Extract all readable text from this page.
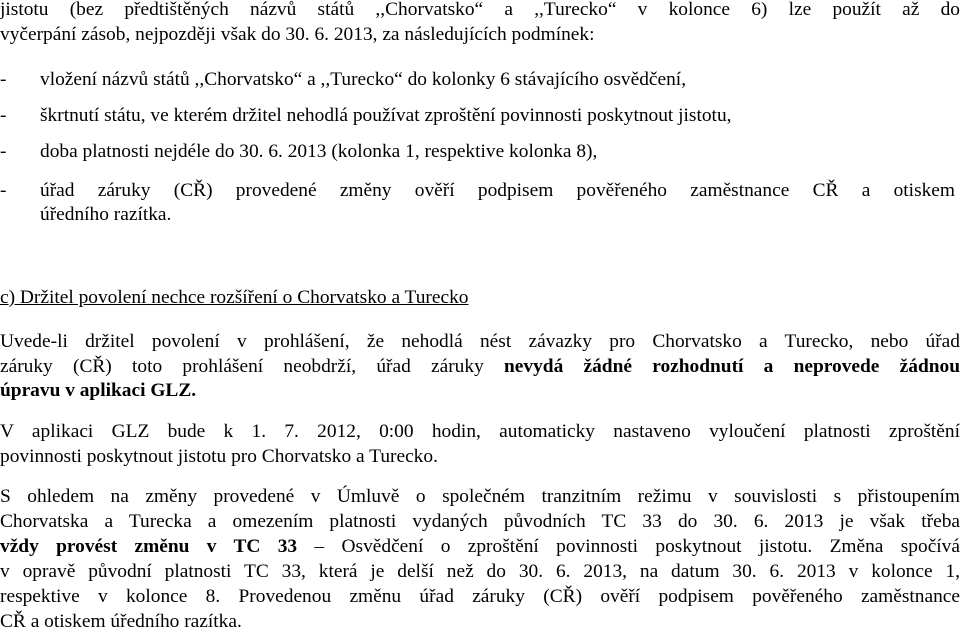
jistotu (bez předtištěných názvů států ,,Chorvatsko“ a ,,Turecko“ v kolonce 6) lze použít až do
vyčerpání zásob, nejpozději však do 30. 6. 2013, za následujících podmínek:
- vložení názvů států ,,Chorvatsko“ a ,,Turecko“ do kolonky 6 stávajícího osvědčení,
- škrtnutí státu, ve kterém držitel nehodlá používat zproštění povinnosti poskytnout jistotu,
- doba platnosti nejdéle do 30. 6. 2013 (kolonka 1, respektive kolonka 8),
- úřad záruky (CŘ) provedené změny ověří podpisem pověřeného zaměstnance CŘ a otiskem
úředního razítka.
c) Držitel povolení nechce rozšíření o Chorvatsko a Turecko
Uvede-li držitel povolení v prohlášení, že nehodlá nést závazky pro Chorvatsko a Turecko, nebo úřad
záruky (CŘ) toto prohlášení neobdrží, úřad záruky nevydá žádné rozhodnutí a neprovede žádnou
úpravu v aplikaci GLZ.
V aplikaci GLZ bude k 1. 7. 2012, 0:00 hodin, automaticky nastaveno vyloučení platnosti zproštění
povinnosti poskytnout jistotu pro Chorvatsko a Turecko.
S ohledem na změny provedené v Úmluvě o společném tranzitním režimu v souvislosti s přistoupením
Chorvatska a Turecka a omezením platnosti vydaných původních TC 33 do 30. 6. 2013 je však třeba
vždy provést změnu v TC 33 – Osvědčení o zproštění povinnosti poskytnout jistotu. Změna spočívá
v opravě původní platnosti TC 33, která je delší než do 30. 6. 2013, na datum 30. 6. 2013 v kolonce 1,
respektive v kolonce 8. Provedenou změnu úřad záruky (CŘ) ověří podpisem pověřeného zaměstnance
CŘ a otiskem úředního razítka.
